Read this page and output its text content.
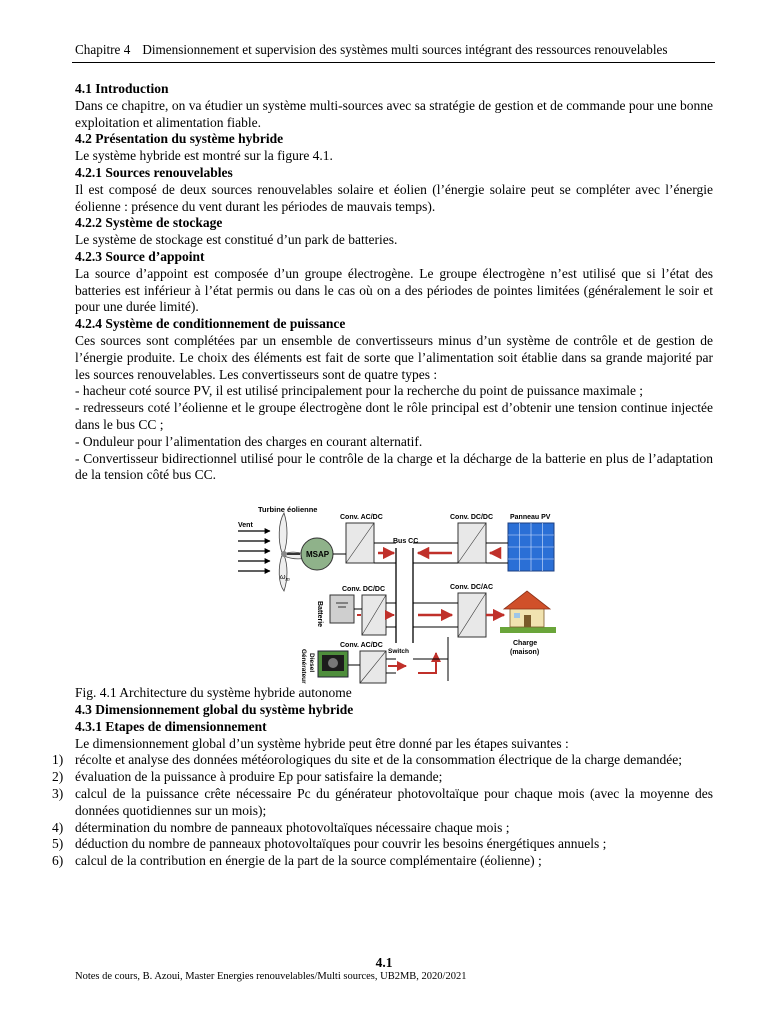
Chapitre 4 Dimensionnement et supervision des systèmes multi sources intégrant des ressources renouvelables

4.1 Introduction

Dans ce chapitre, on va étudier un système multi-sources avec sa stratégie de gestion et de commande pour une bonne exploitation et alimentation fiable.

4.2 Présentation du système hybride

Le système hybride est montré sur la figure 4.1.

4.2.1 Sources renouvelables

Il est composé de deux sources renouvelables solaire et éolien (l’énergie solaire peut se compléter avec l’énergie éolienne : présence du vent durant les périodes de mauvais temps).

4.2.2 Système de stockage

Le système de stockage est constitué d’un park de batteries.

4.2.3 Source d’appoint

La source d’appoint est composée d’un groupe électrogène. Le groupe électrogène n’est utilisé que si l’état des batteries est inférieur à l’état permis ou dans le cas où on a des périodes de pointes limitées (généralement le soir et pour une durée limité).

4.2.4 Système de conditionnement de puissance

Ces sources sont complétées par un ensemble de convertisseurs minus d’un système de contrôle et de gestion de l’énergie produite. Le choix des éléments est fait de sorte que l’alimentation soit établie dans sa grande majorité par les sources renouvelables. Les convertisseurs sont de quatre types :

- hacheur coté source PV, il est utilisé principalement pour la recherche du point de puissance maximale ;

- redresseurs coté l’éolienne et le groupe électrogène dont le rôle principal est d’obtenir une tension continue injectée dans le bus CC ;

- Onduleur pour l’alimentation des charges en courant alternatif.

- Convertisseur bidirectionnel utilisé pour le contrôle de la charge et la décharge de la batterie en plus de l’adaptation de la tension côté bus CC.

Turbine éolienne
Vent
$\omega_m$
MSAP
Conv. AC/DC
Bus CC
Conv. DC/DC Panneau PV
Batterie
Conv. DC/DC	Conv. DC/AC
Charge
(maison)
Générateur Diesel
Conv. AC/DC
Switch

Fig. 4.1 Architecture du système hybride autonome

4.3 Dimensionnement global du système hybride

4.3.1 Etapes de dimensionnement

Le dimensionnement global d’un système hybride peut être donné par les étapes suivantes :

1) récolte et analyse des données météorologiques du site et de la consommation électrique de la charge demandée;
2) évaluation de la puissance à produire Ep pour satisfaire la demande;
3) calcul de la puissance crête nécessaire Pc du générateur photovoltaïque pour chaque mois (avec la moyenne des données quotidiennes sur un mois);
4) détermination du nombre de panneaux photovoltaïques nécessaire chaque mois ;
5) déduction du nombre de panneaux photovoltaïques pour couvrir les besoins énergétiques annuels ;
6) calcul de la contribution en énergie de la part de la source complémentaire (éolienne) ;
4.1
Notes de cours, B. Azoui, Master Energies renouvelables/Multi sources, UB2MB, 2020/2021
